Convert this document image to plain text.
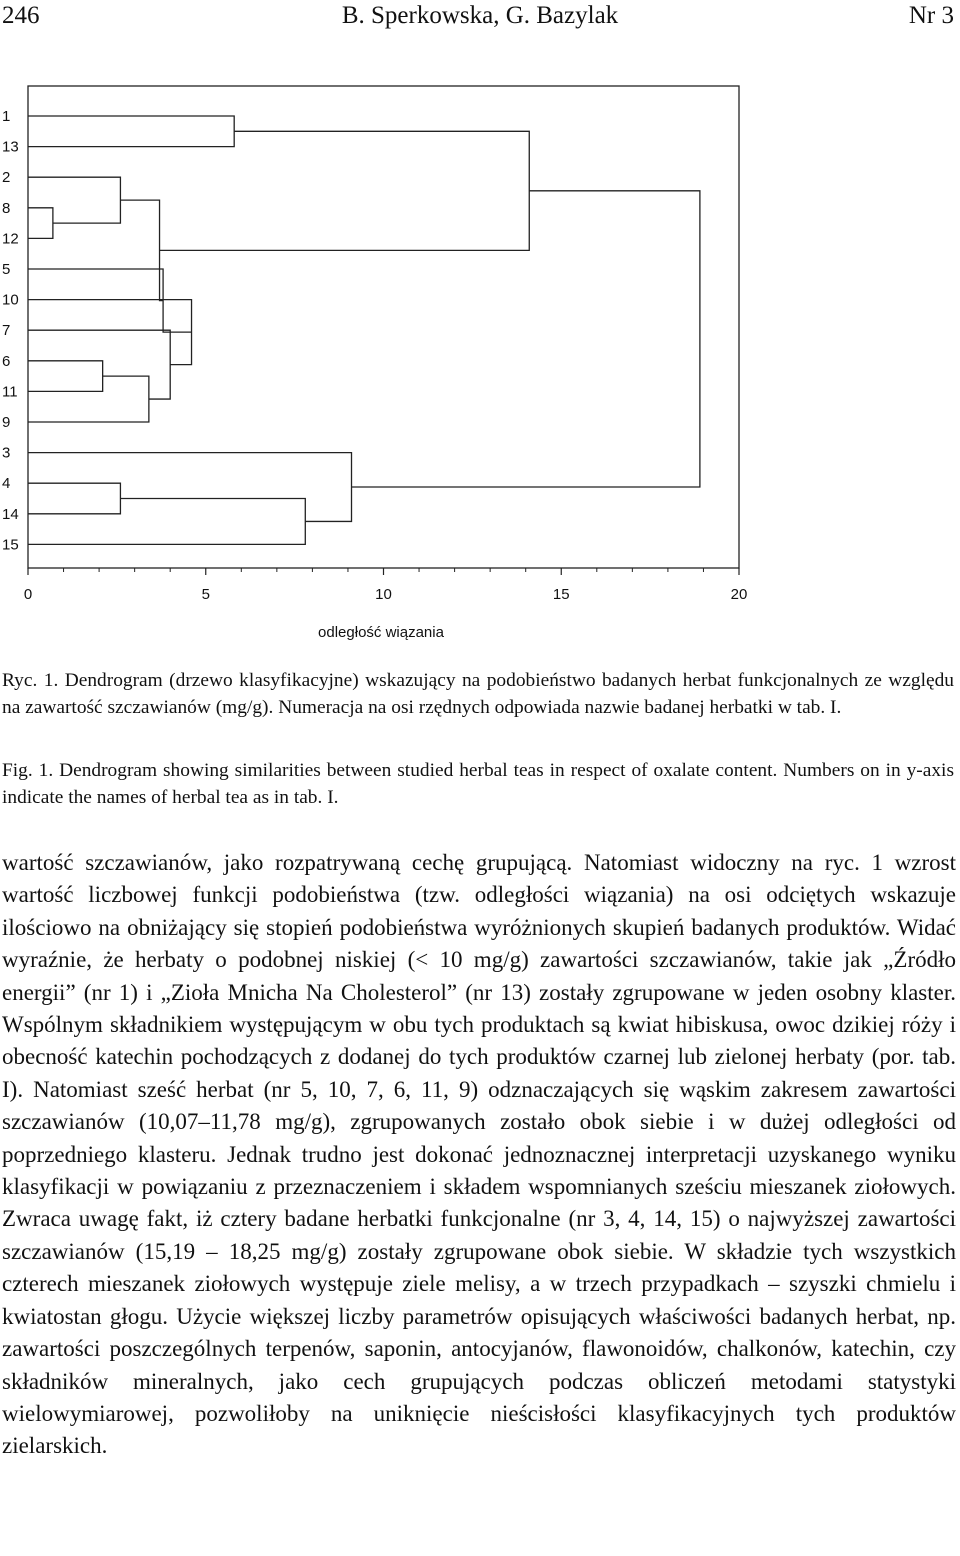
246	B. Sperkowska, G. Bazylak	Nr 3
1
13
2
8
12
5
10
7
6
11
9
3
4
14
15
0	5	10	15	20
odległość wiązania
Ryc. 1. Dendrogram (drzewo klasyfikacyjne) wskazujący na podobieństwo badanych herbat funkcjonalnych ze względu na zawartość szczawianów (mg/g). Numeracja na osi rzędnych odpowiada nazwie badanej herbatki w tab. I.
Fig. 1. Dendrogram showing similarities between studied herbal teas in respect of oxalate content. Numbers on in y-axis indicate the names of herbal tea as in tab. I.
wartość szczawianów, jako rozpatrywaną cechę grupującą. Natomiast widoczny na ryc. 1 wzrost wartość liczbowej funkcji podobieństwa (tzw. odległości wiązania) na osi odciętych wskazuje ilościowo na obniżający się stopień podobieństwa wyróżnionych skupień badanych produktów. Widać wyraźnie, że herbaty o podobnej niskiej (< 10 mg/g) zawartości szczawianów, takie jak „Źródło energii” (nr 1) i „Zioła Mnicha Na Cholesterol” (nr 13) zostały zgrupowane w jeden osobny klaster. Wspólnym składnikiem występującym w obu tych produktach są kwiat hibiskusa, owoc dzikiej róży i obecność katechin pochodzących z dodanej do tych produktów czarnej lub zielonej herbaty (por. tab. I). Natomiast sześć herbat (nr 5, 10, 7, 6, 11, 9) odznaczających się wąskim zakresem zawartości szczawianów (10,07–11,78 mg/g), zgrupowanych zostało obok siebie i w dużej odległości od poprzedniego klasteru. Jednak trudno jest dokonać jednoznacznej interpretacji uzyskanego wyniku klasyfikacji w powiązaniu z przeznaczeniem i składem wspomnianych sześciu mieszanek ziołowych. Zwraca uwagę fakt, iż cztery badane herbatki funkcjonalne (nr 3, 4, 14, 15) o najwyższej zawartości szczawianów (15,19 – 18,25 mg/g) zostały zgrupowane obok siebie. W składzie tych wszystkich czterech mieszanek ziołowych występuje ziele melisy, a w trzech przypadkach – szyszki chmielu i kwiatostan głogu. Użycie większej liczby parametrów opisujących właściwości badanych herbat, np. zawartości poszczególnych terpenów, saponin, antocyjanów, flawonoidów, chalkonów, katechin, czy składników mineralnych, jako cech grupujących podczas obliczeń metodami statystyki wielowymiarowej, pozwoliłoby na uniknięcie nieścisłości klasyfikacyjnych tych produktów zielarskich.
